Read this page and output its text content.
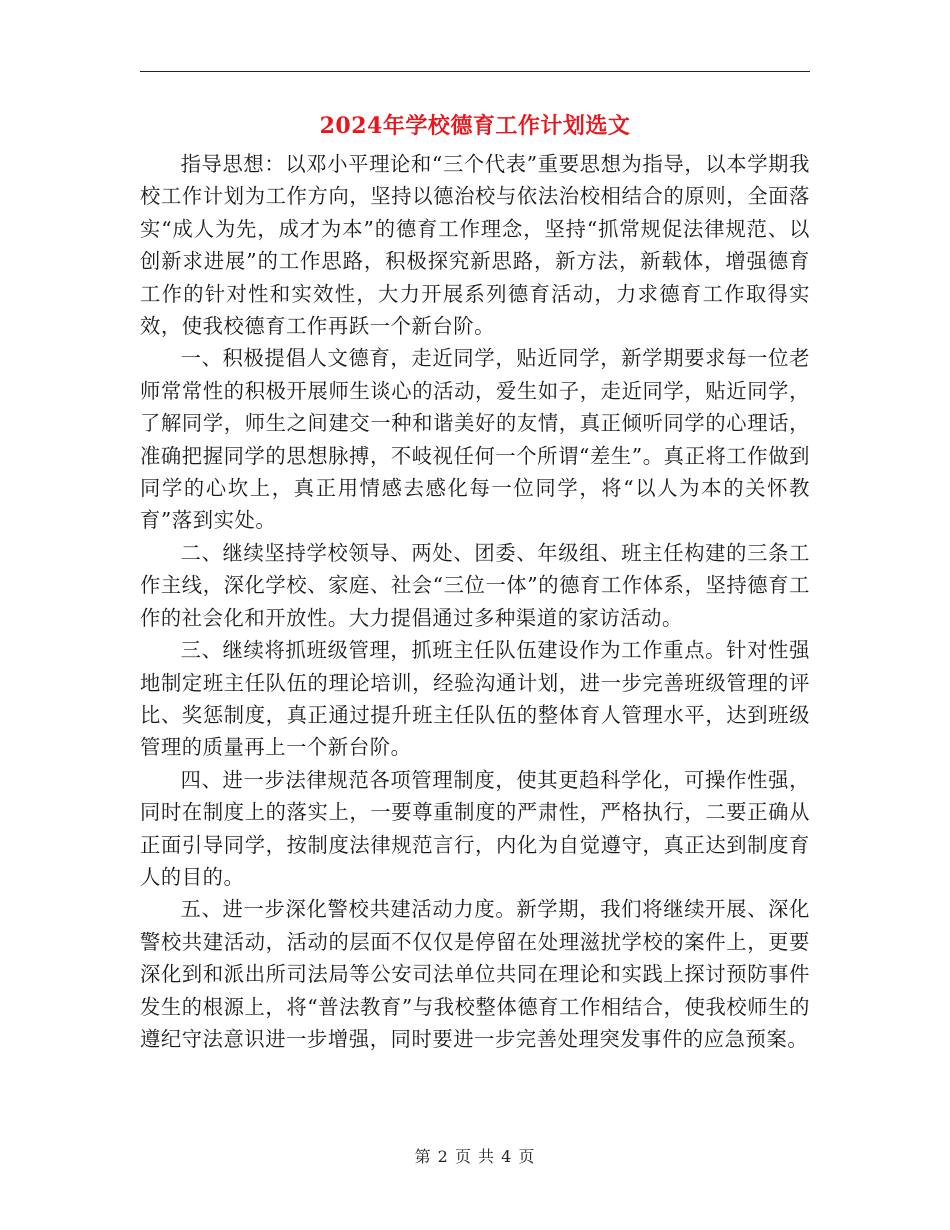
2024年学校德育工作计划选文

指导思想：以邓小平理论和“三个代表”重要思想为指导，以本学期我校工作计划为工作方向，坚持以德治校与依法治校相结合的原则，全面落实“成人为先，成才为本”的德育工作理念，坚持“抓常规促法律规范、以创新求进展”的工作思路，积极探究新思路，新方法，新载体，增强德育工作的针对性和实效性，大力开展系列德育活动，力求德育工作取得实效，使我校德育工作再跃一个新台阶。

一、积极提倡人文德育，走近同学，贴近同学，新学期要求每一位老师常常性的积极开展师生谈心的活动，爱生如子，走近同学，贴近同学，了解同学，师生之间建交一种和谐美好的友情，真正倾听同学的心理话，准确把握同学的思想脉搏，不岐视任何一个所谓“差生”。真正将工作做到同学的心坎上，真正用情感去感化每一位同学，将“以人为本的关怀教育”落到实处。

二、继续坚持学校领导、两处、团委、年级组、班主任构建的三条工作主线，深化学校、家庭、社会“三位一体”的德育工作体系，坚持德育工作的社会化和开放性。大力提倡通过多种渠道的家访活动。

三、继续将抓班级管理，抓班主任队伍建设作为工作重点。针对性强地制定班主任队伍的理论培训，经验沟通计划，进一步完善班级管理的评比、奖惩制度，真正通过提升班主任队伍的整体育人管理水平，达到班级管理的质量再上一个新台阶。

四、进一步法律规范各项管理制度，使其更趋科学化，可操作性强，同时在制度上的落实上，一要尊重制度的严肃性，严格执行，二要正确从正面引导同学，按制度法律规范言行，内化为自觉遵守，真正达到制度育人的目的。

五、进一步深化警校共建活动力度。新学期，我们将继续开展、深化警校共建活动，活动的层面不仅仅是停留在处理滋扰学校的案件上，更要深化到和派出所司法局等公安司法单位共同在理论和实践上探讨预防事件发生的根源上，将“普法教育”与我校整体德育工作相结合，使我校师生的遵纪守法意识进一步增强，同时要进一步完善处理突发事件的应急预案。

第 2 页 共 4 页
